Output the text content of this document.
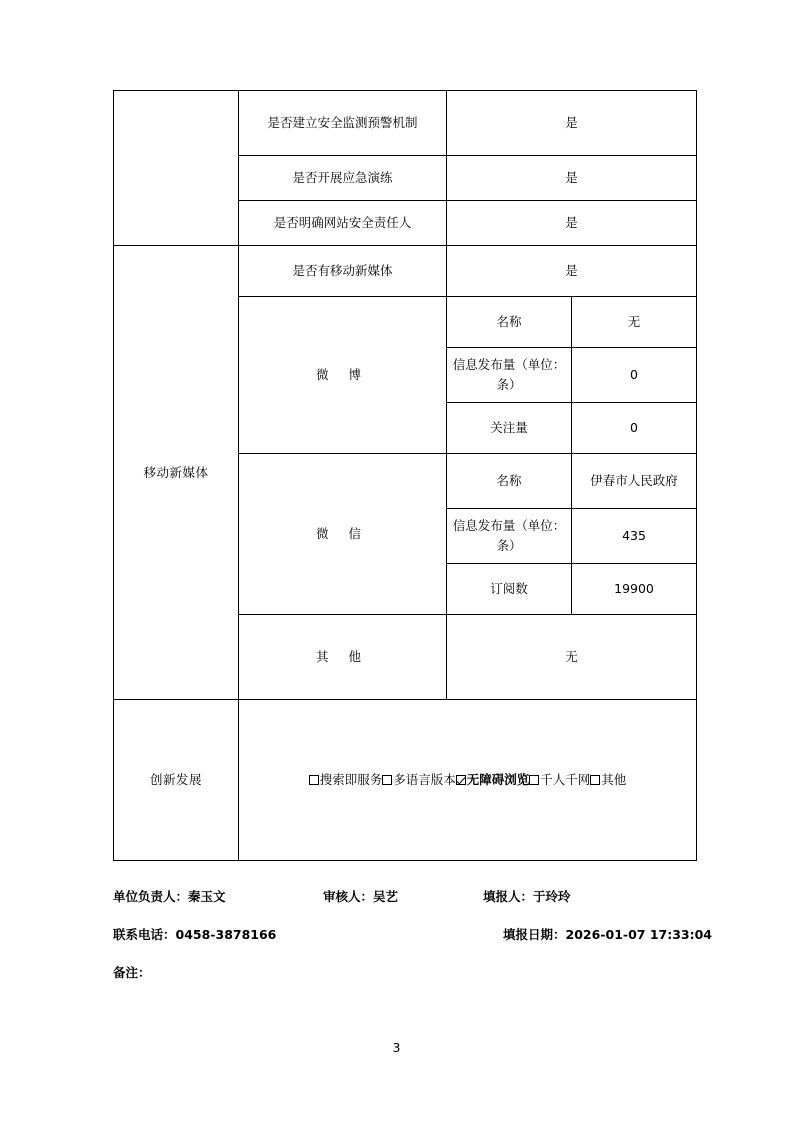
	是否建立安全监测预警机制	是	
	是否开展应急演练	是	
	是否明确网站安全责任人	是	
移动新媒体	是否有移动新媒体	是	
	微 博	名称	无
		信息发布量（单位：条）	0
		关注量	0
	微 信	名称	伊春市人民政府
		信息发布量（单位：条）	435
		订阅数	19900
	其 他	无	
创新发展	搜索即服务 多语言版本 无障碍浏览 千人千网 其他		
单位负责人：秦玉文	审核人：吴艺	填报人：于玲玲
联系电话：0458-3878166	填报日期：2026-01-07 17:33:04
备注：
3
